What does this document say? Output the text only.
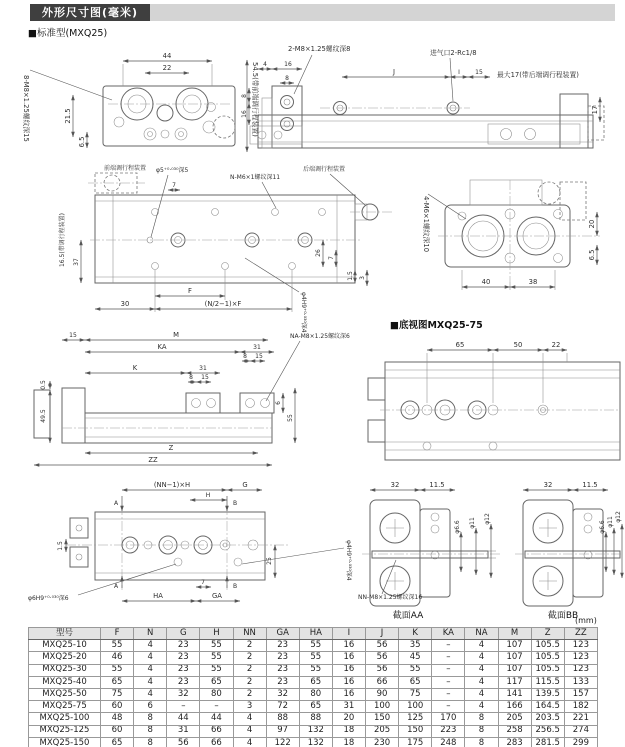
外形尺寸图(毫米)
■标准型(MXQ25)
44
22
21.5
6.5
8-M8×1.25螺纹深15	54.5(带前端调行程装置)
2-M8×1.25螺纹深8	进气口2-Rc1/8
最大17(带后端调行程装置)
J	I	15
4	16
8
8
16	17
前端调行程装置 φ5⁺⁰·⁰³⁰深5
7
N-M6×1螺纹深11
后端调行程装置
16.5(带调行程装置) 37
F
(N/2−1)×F
30	φ4H9⁺⁰·⁰³⁰深4
26
7
1.5 3
4-M6×1螺纹深10
40	38
20
6.5
■底视图MXQ25-75
15	M
KA	31
8 15
K	31
8 15
NA-M8×1.25螺纹深6
6
55
Z
ZZ
0.5
49.5
65	50	22
(NN−1)×H	G
H
A	B
A	B
7
HA	GA
1.5
25
φ6H9⁺⁰·⁰³⁰深6
φ4H9⁺⁰·⁰³⁰深4
32	11.5
φ6.6 φ11 φ12
NN-M8×1.25螺纹深16
截面AA
32	11.5
φ6.6 φ11 φ12
截面BB
(mm)
型号	F	N	G	H	NN	GA	HA	I	J	K	KA	NA	M	Z	ZZ
MXQ25-10	55	4	23	55	2	23	55	16	56	35	–	4	107	105.5	123
MXQ25-20	46	4	23	55	2	23	55	16	56	45	–	4	107	105.5	123
MXQ25-30	55	4	23	55	2	23	55	16	56	55	–	4	107	105.5	123
MXQ25-40	65	4	23	65	2	23	65	16	66	65	–	4	117	115.5	133
MXQ25-50	75	4	32	80	2	32	80	16	90	75	–	4	141	139.5	157
MXQ25-75	60	6	–	–	3	72	65	31	100	100	–	4	166	164.5	182
MXQ25-100	48	8	44	44	4	88	88	20	150	125	170	8	205	203.5	221
MXQ25-125	60	8	31	66	4	97	132	18	205	150	223	8	258	256.5	274
MXQ25-150	65	8	56	66	4	122	132	18	230	175	248	8	283	281.5	299
